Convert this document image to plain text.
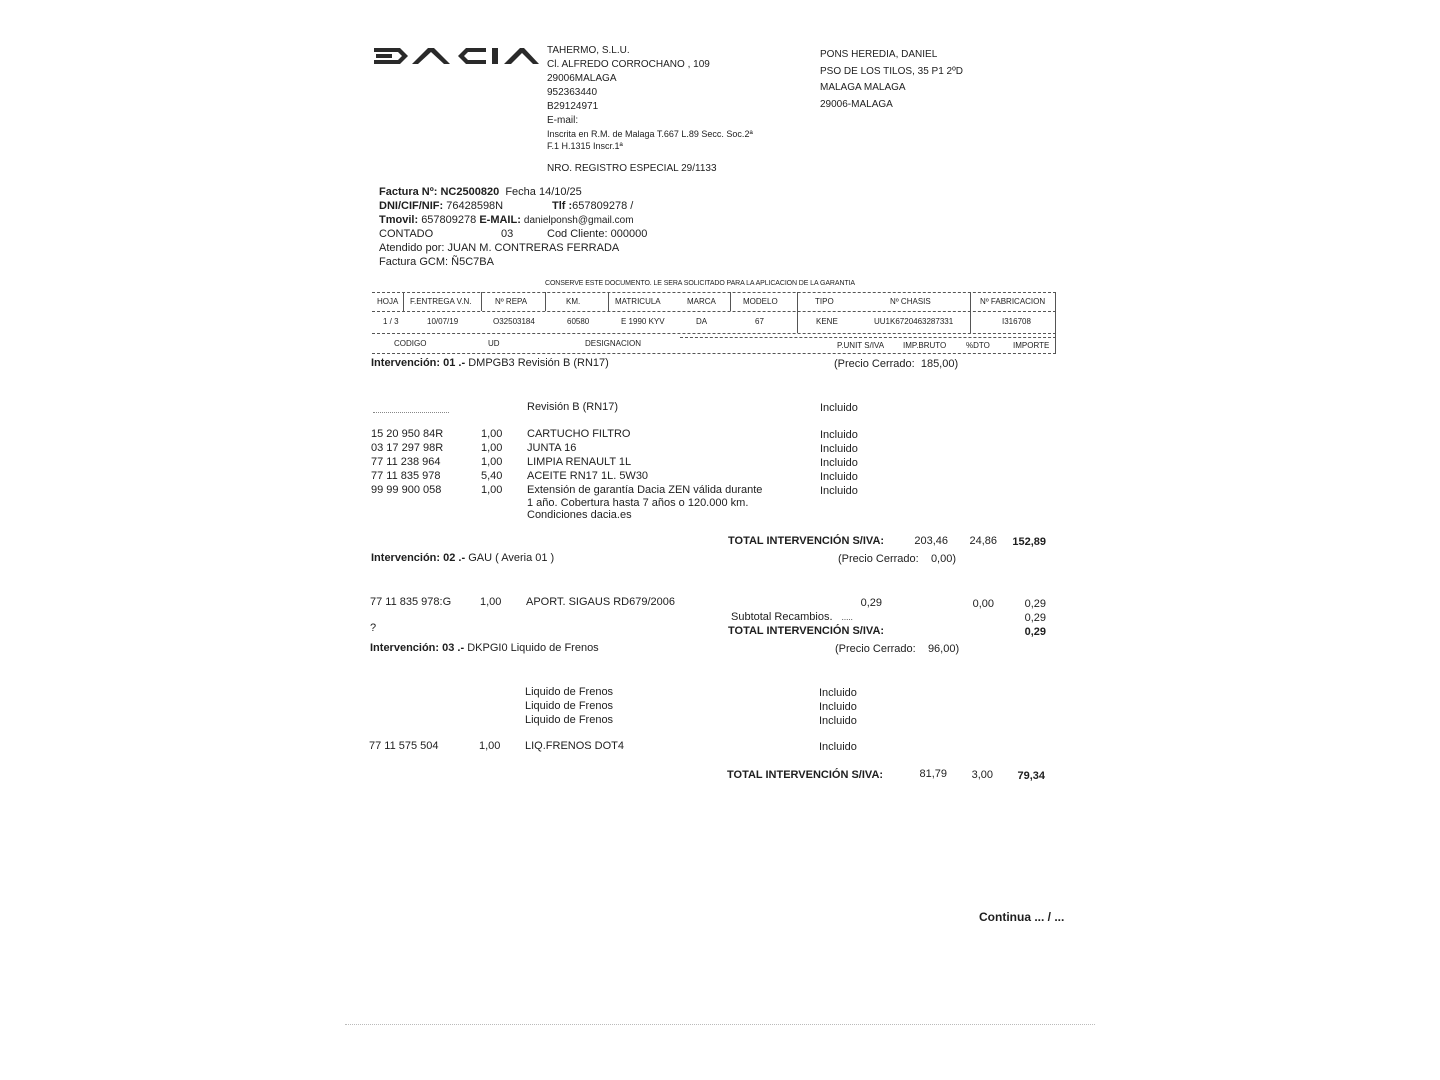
TAHERMO, S.L.U.
Cl. ALFREDO CORROCHANO , 109
29006MALAGA
952363440
B29124971
E-mail:
Inscrita en R.M. de Malaga T.667 L.89 Secc. Soc.2ª
F.1 H.1315 Inscr.1ª
NRO. REGISTRO ESPECIAL 29/1133
PONS HEREDIA, DANIEL
PSO DE LOS TILOS, 35 P1 2ºD
MALAGA MALAGA
29006-MALAGA
Factura Nº: NC2500820 Fecha 14/10/25
DNI/CIF/NIF: 76428598N	Tlf :657809278 /
Tmovil: 657809278 E-MAIL: danielponsh@gmail.com
CONTADO	03	Cod Cliente: 000000
Atendido por: JUAN M. CONTRERAS FERRADA
Factura GCM: Ñ5C7BA
CONSERVE ESTE DOCUMENTO. LE SERA SOLICITADO PARA LA APLICACION DE LA GARANTIA
HOJA F.ENTREGA V.N.	Nº REPA	KM.	MATRICULA	MARCA	MODELO	TIPO	Nº CHASIS	Nº FABRICACION
1 / 3	10/07/19	O32503184	60580	E 1990 KYV	DA	67	KENE	UU1K6720463287331	I316708
CODIGO	UD	DESIGNACION	P.UNIT S/IVA IMP.BRUTO %DTO	IMPORTE
Intervención: 01 .- DMPGB3 Revisión B (RN17)	(Precio Cerrado: 185,00)
Revisión B (RN17)	Incluido
15 20 950 84R	1,00 CARTUCHO FILTRO	Incluido
03 17 297 98R	1,00 JUNTA 16	Incluido
77 11 238 964	1,00 LIMPIA RENAULT 1L	Incluido
77 11 835 978	5,40 ACEITE RN17 1L. 5W30	Incluido
99 99 900 058	1,00 Extensión de garantía Dacia ZEN válida durante	Incluido
1 año. Cobertura hasta 7 años o 120.000 km.
Condiciones dacia.es
TOTAL INTERVENCIÓN S/IVA:	203,46	24,86	152,89
Intervención: 02 .- GAU ( Averia 01 )	(Precio Cerrado: 0,00)
77 11 835 978:G	1,00 APORT. SIGAUS RD679/2006	0,29	0,00	0,29
Subtotal Recambios. .....	0,29
?	TOTAL INTERVENCIÓN S/IVA:	0,29
Intervención: 03 .- DKPGI0 Liquido de Frenos	(Precio Cerrado: 96,00)
Liquido de Frenos	Incluido
Liquido de Frenos	Incluido
Liquido de Frenos	Incluido
77 11 575 504	1,00 LIQ.FRENOS DOT4	Incluido
TOTAL INTERVENCIÓN S/IVA:	81,79	3,00	79,34
Continua ... / ...
